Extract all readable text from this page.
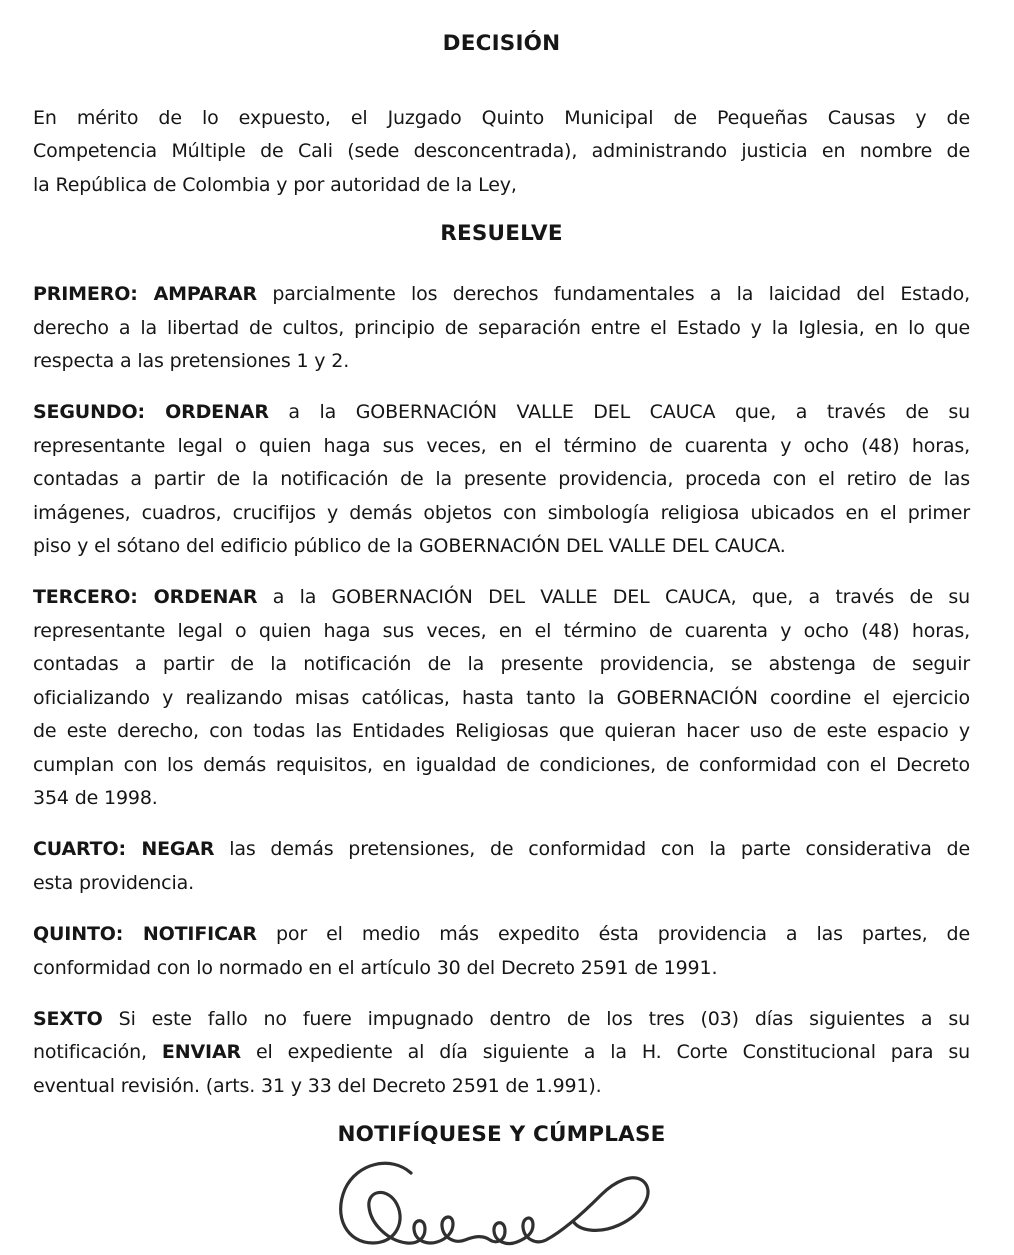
DECISIÓN
En mérito de lo expuesto, el Juzgado Quinto Municipal de Pequeñas Causas y de
Competencia Múltiple de Cali (sede desconcentrada), administrando justicia en nombre de
la República de Colombia y por autoridad de la Ley,
RESUELVE
PRIMERO: AMPARAR parcialmente los derechos fundamentales a la laicidad del Estado,
derecho a la libertad de cultos, principio de separación entre el Estado y la Iglesia, en lo que
respecta a las pretensiones 1 y 2.
SEGUNDO: ORDENAR a la GOBERNACIÓN VALLE DEL CAUCA que, a través de su
representante legal o quien haga sus veces, en el término de cuarenta y ocho (48) horas,
contadas a partir de la notificación de la presente providencia, proceda con el retiro de las
imágenes, cuadros, crucifijos y demás objetos con simbología religiosa ubicados en el primer
piso y el sótano del edificio público de la GOBERNACIÓN DEL VALLE DEL CAUCA.
TERCERO: ORDENAR a la GOBERNACIÓN DEL VALLE DEL CAUCA, que, a través de su
representante legal o quien haga sus veces, en el término de cuarenta y ocho (48) horas,
contadas a partir de la notificación de la presente providencia, se abstenga de seguir
oficializando y realizando misas católicas, hasta tanto la GOBERNACIÓN coordine el ejercicio
de este derecho, con todas las Entidades Religiosas que quieran hacer uso de este espacio y
cumplan con los demás requisitos, en igualdad de condiciones, de conformidad con el Decreto
354 de 1998.
CUARTO: NEGAR las demás pretensiones, de conformidad con la parte considerativa de
esta providencia.
QUINTO: NOTIFICAR por el medio más expedito ésta providencia a las partes, de
conformidad con lo normado en el artículo 30 del Decreto 2591 de 1991.
SEXTO Si este fallo no fuere impugnado dentro de los tres (03) días siguientes a su
notificación, ENVIAR el expediente al día siguiente a la H. Corte Constitucional para su
eventual revisión. (arts. 31 y 33 del Decreto 2591 de 1.991).
NOTIFÍQUESE Y CÚMPLASE
